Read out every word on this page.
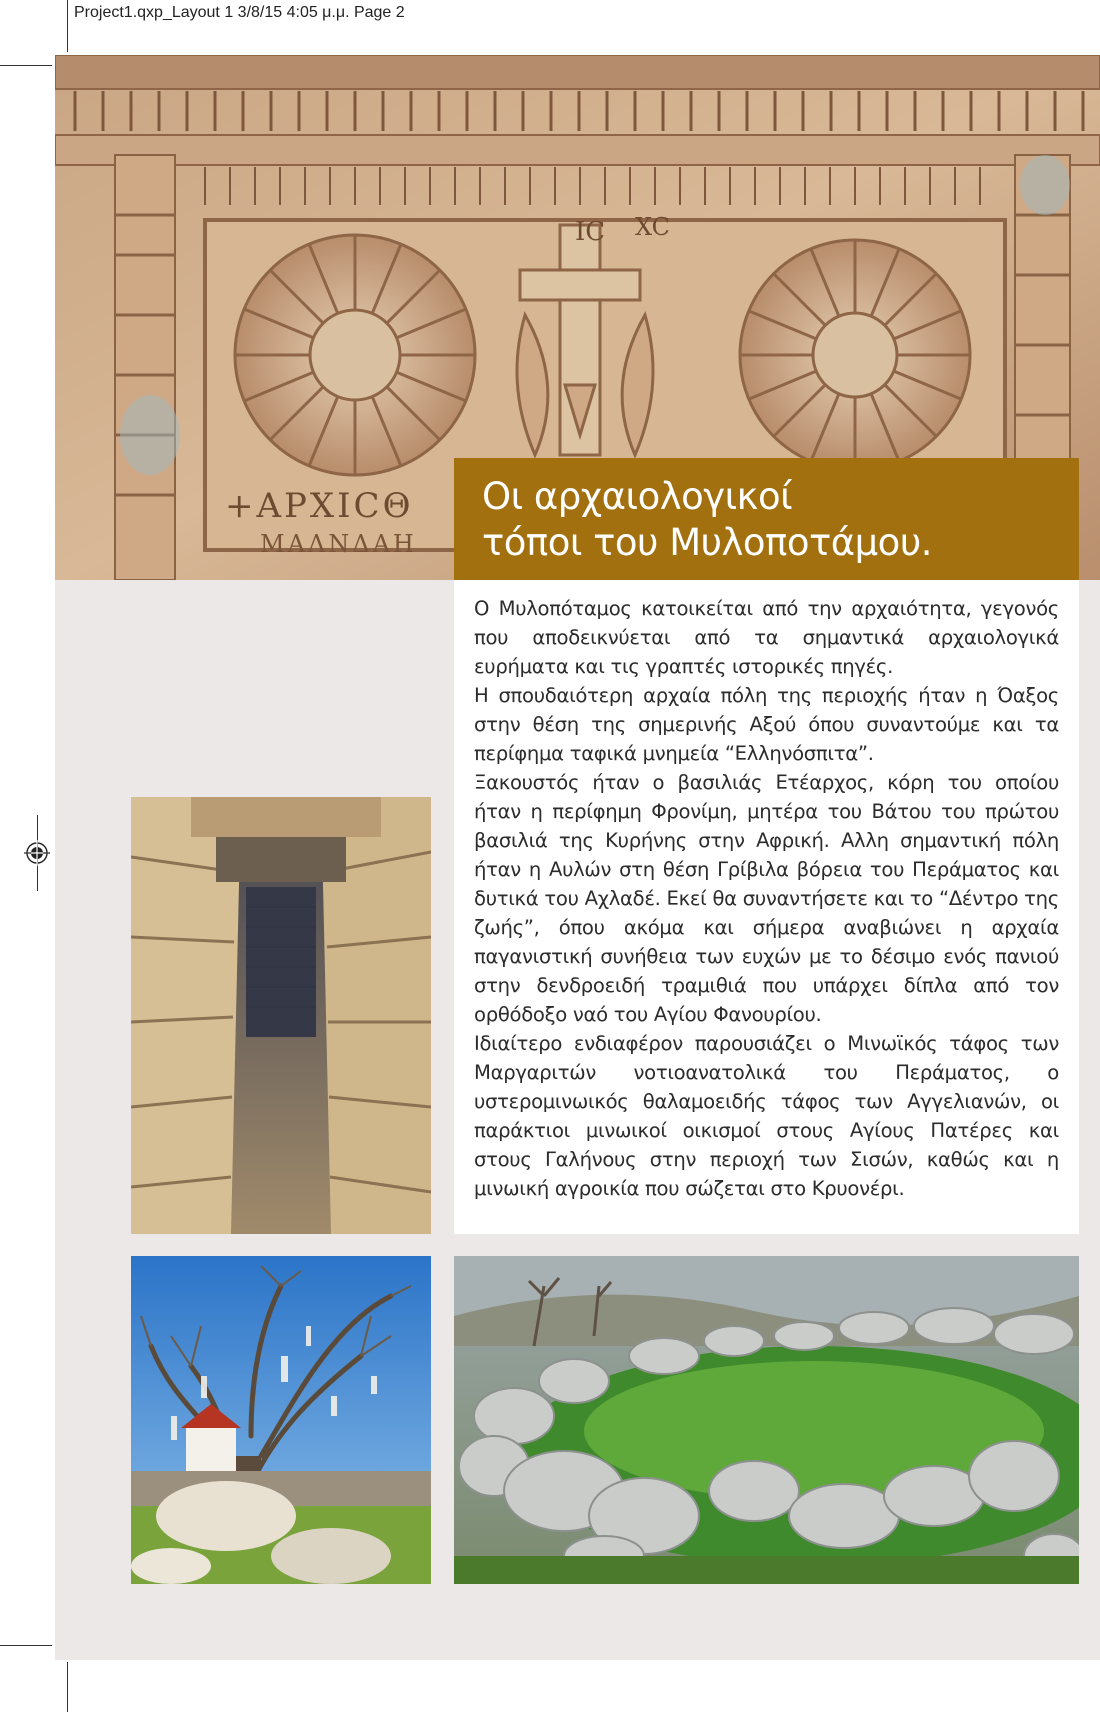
Project1.qxp_Layout 1 3/8/15 4:05 μ.μ. Page 2
ΙC XC
+ΑΡΧΙCΘ
ΜΑΛΝΔΑΗ
Οι αρχαιολογικοί
τόποι του Μυλοποτάμου.

Ο Μυλοπόταμος κατοικείται από την αρχαιότητα, γεγονός που αποδεικνύεται από τα σημαντικά αρχαιολογικά ευρήματα και τις γραπτές ιστορικές πηγές.

Η σπουδαιότερη αρχαία πόλη της περιοχής ήταν η Όαξος στην θέση της σημερινής Αξού όπου συναντούμε και τα περίφημα ταφικά μνημεία “Ελληνόσπιτα”.

Ξακουστός ήταν ο βασιλιάς Ετέαρχος, κόρη του οποίου ήταν η περίφημη Φρονίμη, μητέρα του Βάτου του πρώτου βασιλιά της Κυρήνης στην Αφρική. Αλλη σημαντική πόλη ήταν η Αυλών στη θέση Γρίβιλα βόρεια του Περάματος και δυτικά του Αχλαδέ. Εκεί θα συναντήσετε και το “Δέντρο της ζωής”, όπου ακόμα και σήμερα αναβιώνει η αρχαία παγανιστική συνήθεια των ευχών με το δέσιμο ενός πανιού στην δενδροειδή τραμιθιά που υπάρχει δίπλα από τον ορθόδοξο ναό του Αγίου Φανουρίου.

Ιδιαίτερο ενδιαφέρον παρουσιάζει ο Μινωϊκός τάφος των Μαργαριτών νοτιοανατολικά του Περάματος, ο υστερομινωικός θαλαμοειδής τάφος των Αγγελιανών, οι παράκτιοι μινωικοί οικισμοί στους Αγίους Πατέρες και στους Γαλήνους στην περιοχή των Σισών, καθώς και η μινωική αγροικία που σώζεται στο Κρυονέρι.
